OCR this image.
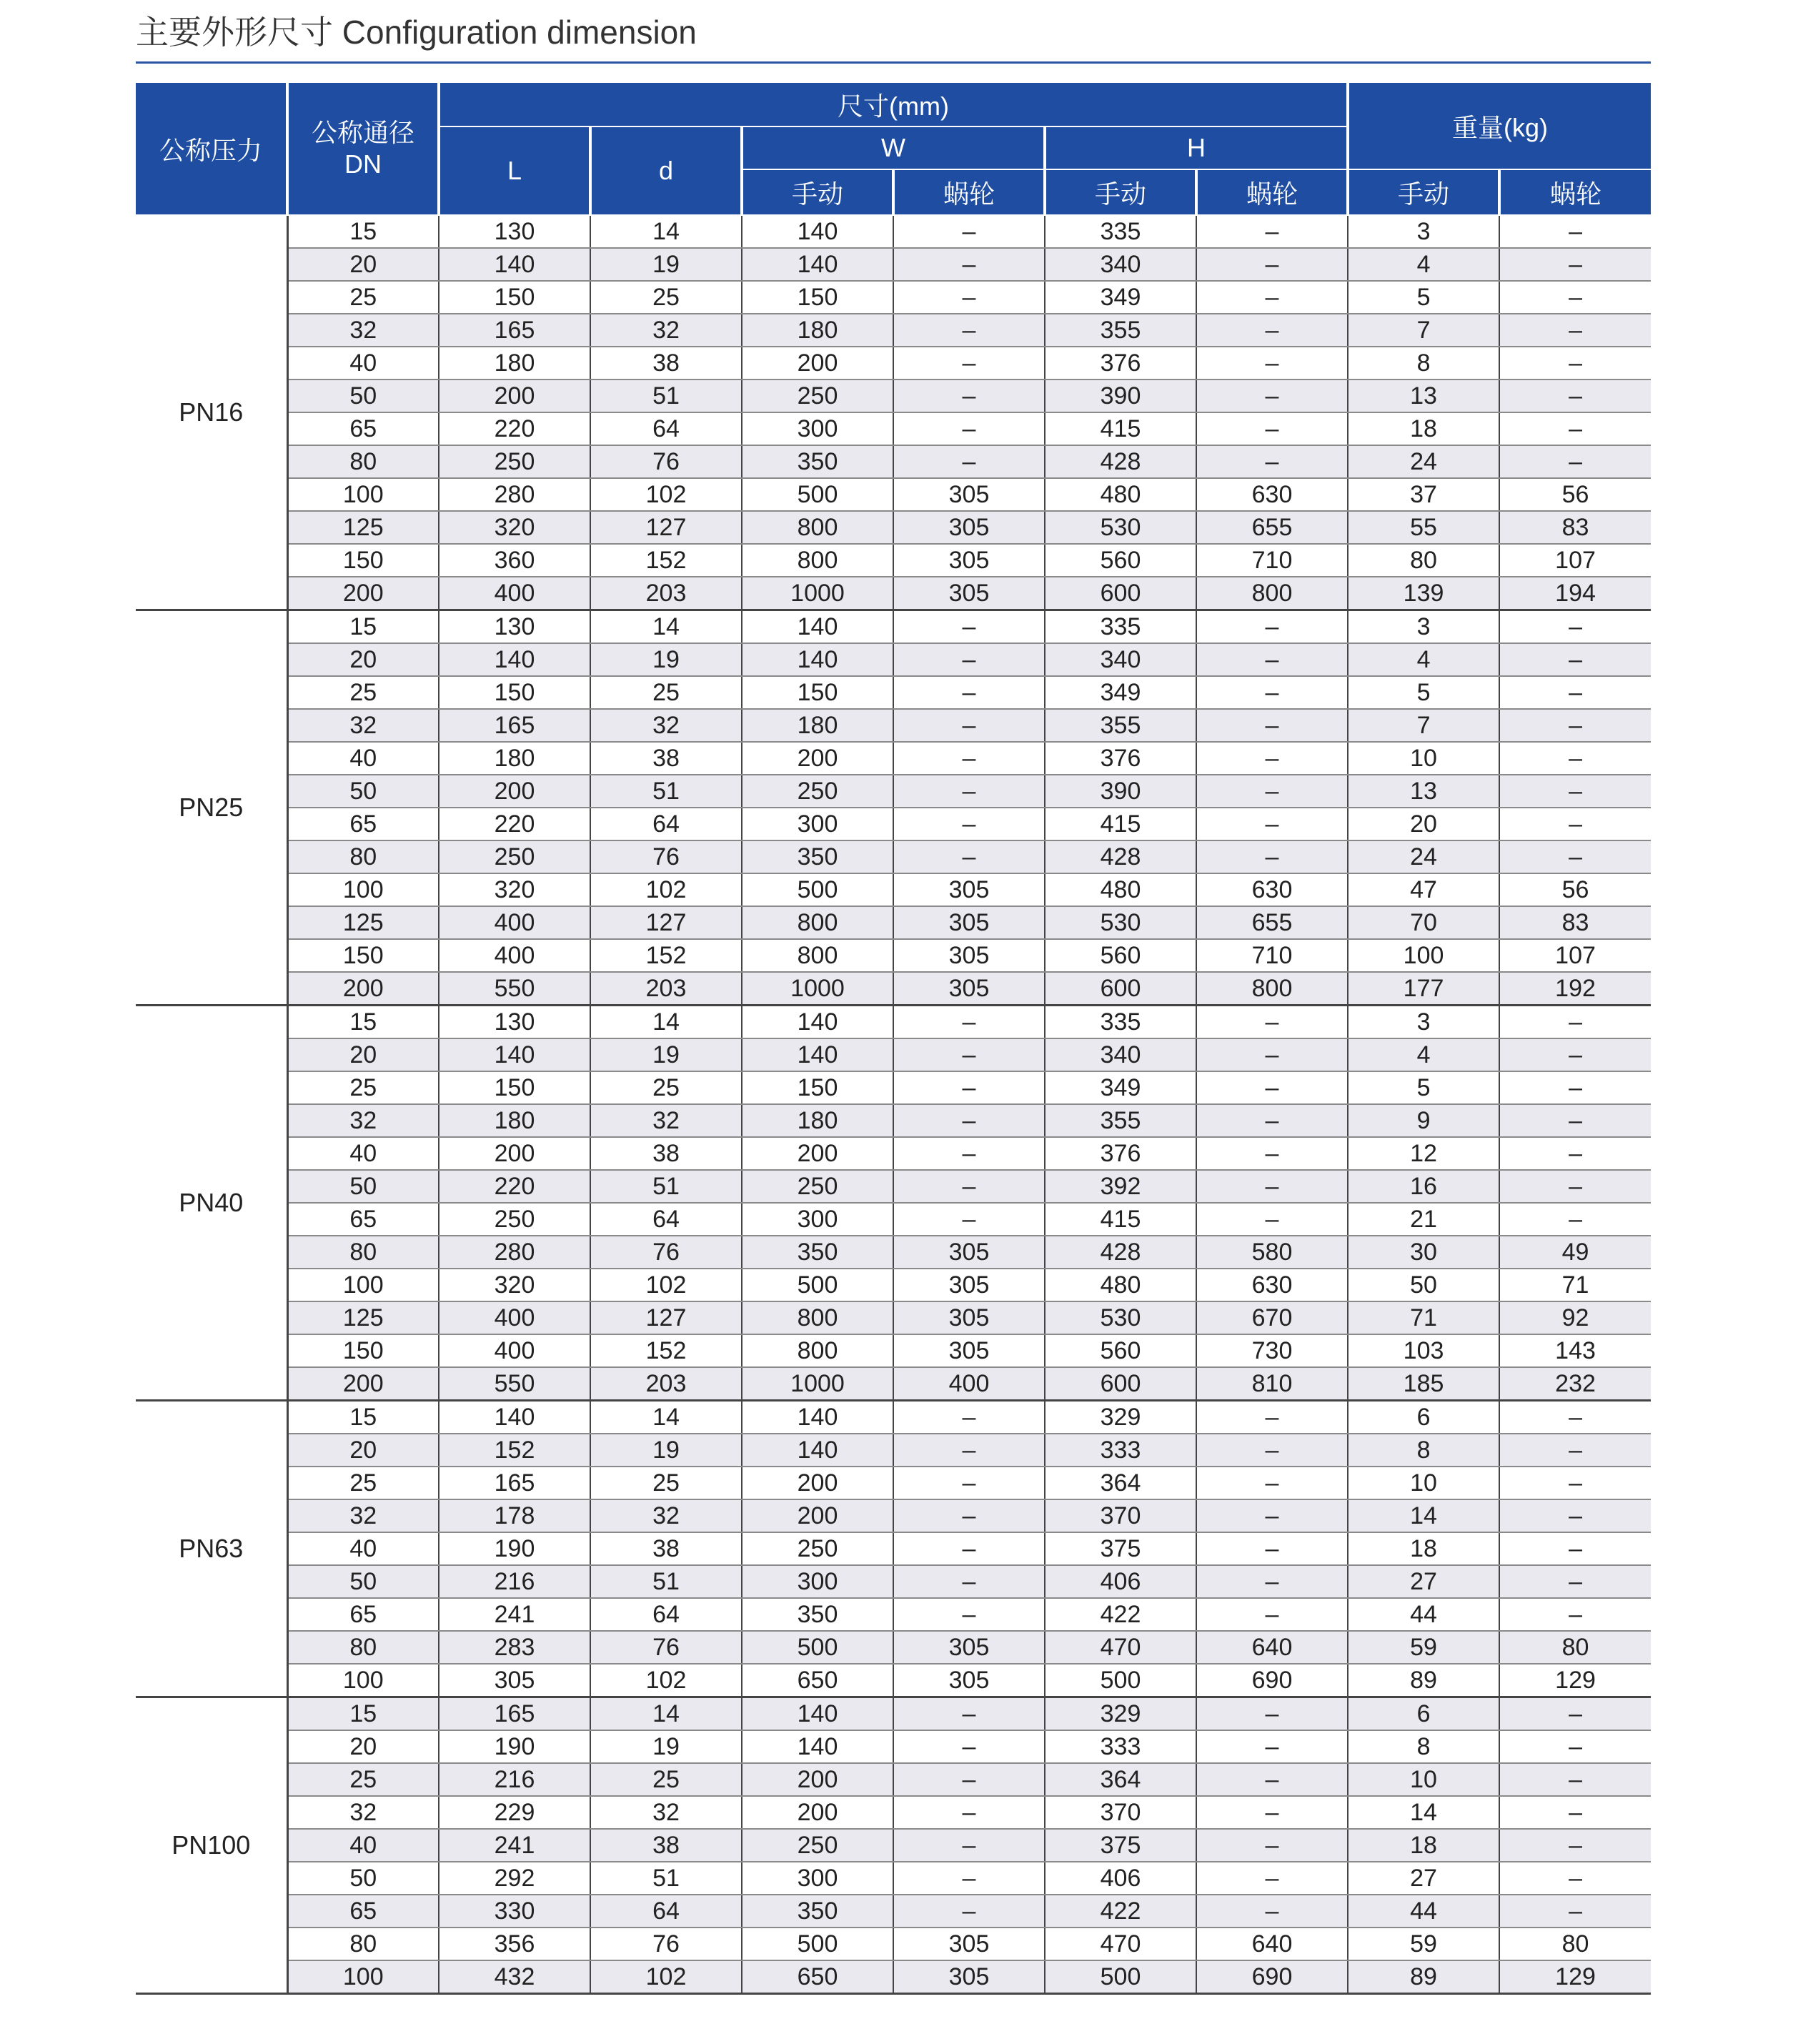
主要外形尺寸 Configuration dimension
公称压力	公称通径
DN	尺寸(mm)						重量(kg)	
		L	d	W		H			
				手动	蜗轮	手动	蜗轮	手动	蜗轮
PN16	15	130	14	140	–	335	–	3	–
	20	140	19	140	–	340	–	4	–
	25	150	25	150	–	349	–	5	–
	32	165	32	180	–	355	–	7	–
	40	180	38	200	–	376	–	8	–
	50	200	51	250	–	390	–	13	–
	65	220	64	300	–	415	–	18	–
	80	250	76	350	–	428	–	24	–
	100	280	102	500	305	480	630	37	56
	125	320	127	800	305	530	655	55	83
	150	360	152	800	305	560	710	80	107
	200	400	203	1000	305	600	800	139	194
PN25	15	130	14	140	–	335	–	3	–
	20	140	19	140	–	340	–	4	–
	25	150	25	150	–	349	–	5	–
	32	165	32	180	–	355	–	7	–
	40	180	38	200	–	376	–	10	–
	50	200	51	250	–	390	–	13	–
	65	220	64	300	–	415	–	20	–
	80	250	76	350	–	428	–	24	–
	100	320	102	500	305	480	630	47	56
	125	400	127	800	305	530	655	70	83
	150	400	152	800	305	560	710	100	107
	200	550	203	1000	305	600	800	177	192
PN40	15	130	14	140	–	335	–	3	–
	20	140	19	140	–	340	–	4	–
	25	150	25	150	–	349	–	5	–
	32	180	32	180	–	355	–	9	–
	40	200	38	200	–	376	–	12	–
	50	220	51	250	–	392	–	16	–
	65	250	64	300	–	415	–	21	–
	80	280	76	350	305	428	580	30	49
	100	320	102	500	305	480	630	50	71
	125	400	127	800	305	530	670	71	92
	150	400	152	800	305	560	730	103	143
	200	550	203	1000	400	600	810	185	232
PN63	15	140	14	140	–	329	–	6	–
	20	152	19	140	–	333	–	8	–
	25	165	25	200	–	364	–	10	–
	32	178	32	200	–	370	–	14	–
	40	190	38	250	–	375	–	18	–
	50	216	51	300	–	406	–	27	–
	65	241	64	350	–	422	–	44	–
	80	283	76	500	305	470	640	59	80
	100	305	102	650	305	500	690	89	129
PN100	15	165	14	140	–	329	–	6	–
	20	190	19	140	–	333	–	8	–
	25	216	25	200	–	364	–	10	–
	32	229	32	200	–	370	–	14	–
	40	241	38	250	–	375	–	18	–
	50	292	51	300	–	406	–	27	–
	65	330	64	350	–	422	–	44	–
	80	356	76	500	305	470	640	59	80
	100	432	102	650	305	500	690	89	129
